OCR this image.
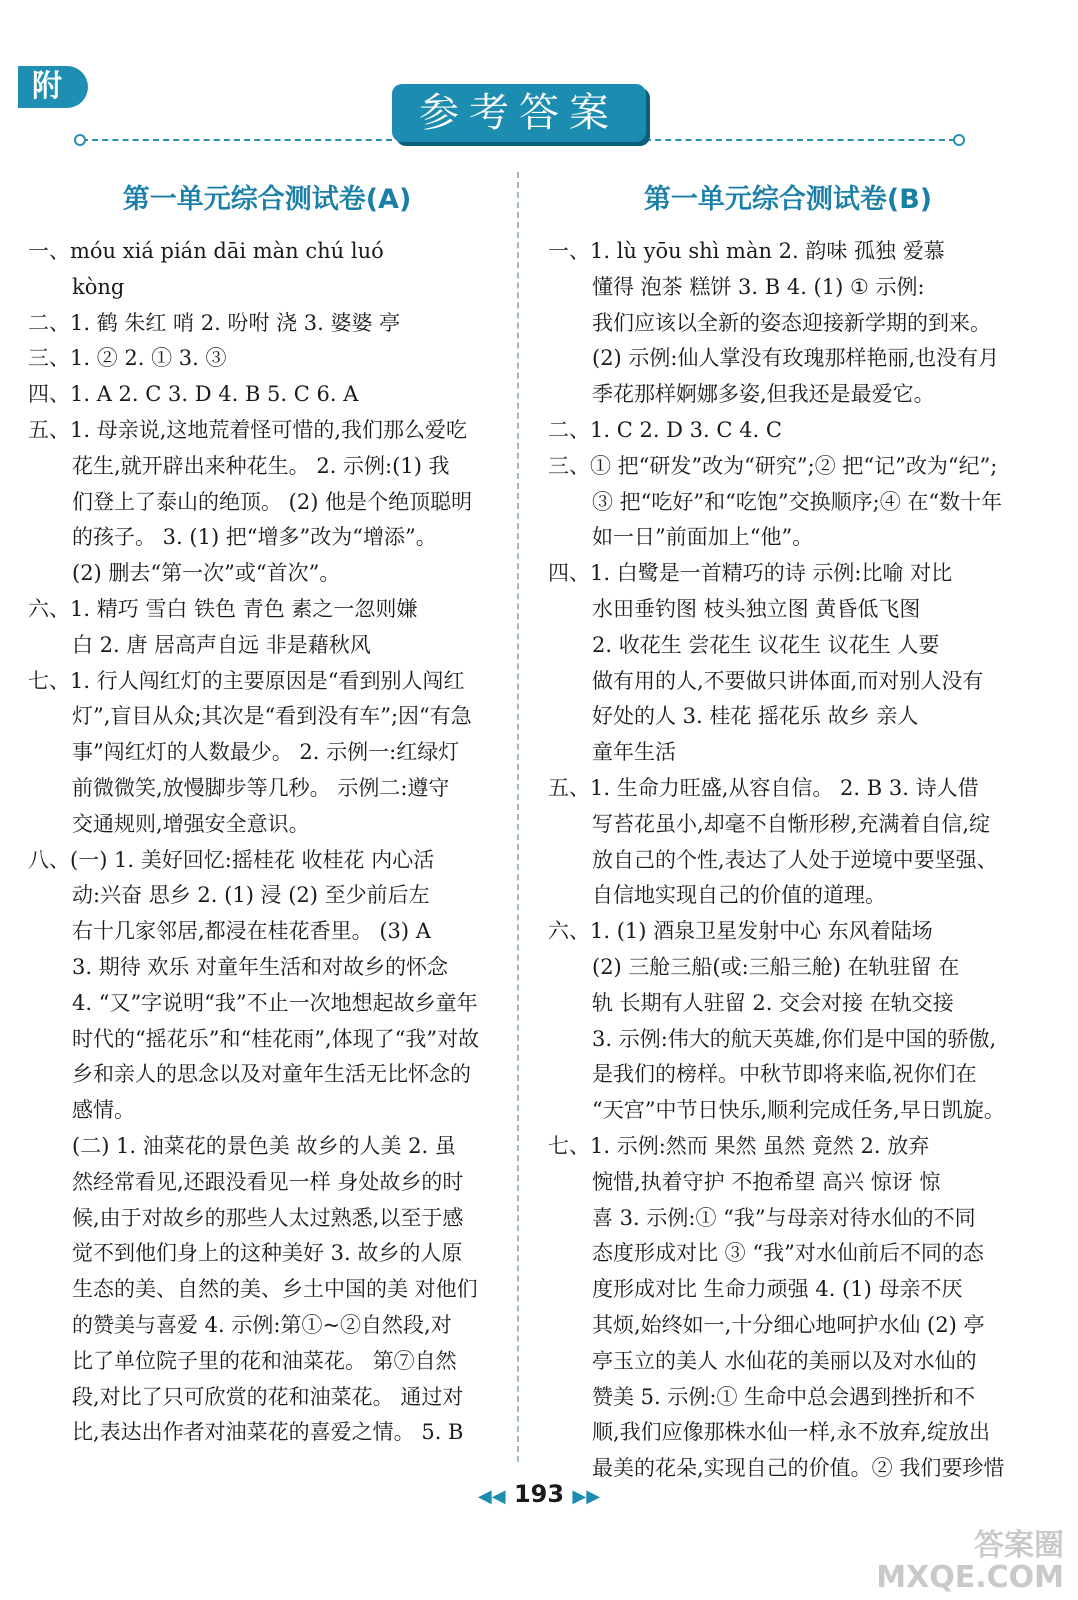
附
参考答案
第一单元综合测试卷(A)
一、móu xiá pián dāi màn chú luó
kòng
二、1. 鹤 朱红 哨 2. 吩咐 浇 3. 婆婆 亭
三、1. ② 2. ① 3. ③
四、1. A 2. C 3. D 4. B 5. C 6. A
五、1. 母亲说,这地荒着怪可惜的,我们那么爱吃
花生,就开辟出来种花生。 2. 示例:(1) 我
们登上了泰山的绝顶。 (2) 他是个绝顶聪明
的孩子。 3. (1) 把“增多”改为“增添”。
(2) 删去“第一次”或“首次”。
六、1. 精巧 雪白 铁色 青色 素之一忽则嫌
白 2. 唐 居高声自远 非是藉秋风
七、1. 行人闯红灯的主要原因是“看到别人闯红
灯”,盲目从众;其次是“看到没有车”;因“有急
事”闯红灯的人数最少。 2. 示例一:红绿灯
前微微笑,放慢脚步等几秒。 示例二:遵守
交通规则,增强安全意识。
八、(一) 1. 美好回忆:摇桂花 收桂花 内心活
动:兴奋 思乡 2. (1) 浸 (2) 至少前后左
右十几家邻居,都浸在桂花香里。 (3) A
3. 期待 欢乐 对童年生活和对故乡的怀念
4. “又”字说明“我”不止一次地想起故乡童年
时代的“摇花乐”和“桂花雨”,体现了“我”对故
乡和亲人的思念以及对童年生活无比怀念的
感情。
(二) 1. 油菜花的景色美 故乡的人美 2. 虽
然经常看见,还跟没看见一样 身处故乡的时
候,由于对故乡的那些人太过熟悉,以至于感
觉不到他们身上的这种美好 3. 故乡的人原
生态的美、自然的美、乡土中国的美 对他们
的赞美与喜爱 4. 示例:第①~②自然段,对
比了单位院子里的花和油菜花。 第⑦自然
段,对比了只可欣赏的花和油菜花。 通过对
比,表达出作者对油菜花的喜爱之情。 5. B
第一单元综合测试卷(B)
一、1. lù yōu shì màn 2. 韵味 孤独 爱慕
懂得 泡茶 糕饼 3. B 4. (1) ① 示例:
我们应该以全新的姿态迎接新学期的到来。
(2) 示例:仙人掌没有玫瑰那样艳丽,也没有月
季花那样婀娜多姿,但我还是最爱它。
二、1. C 2. D 3. C 4. C
三、① 把“研发”改为“研究”;② 把“记”改为“纪”;
③ 把“吃好”和“吃饱”交换顺序;④ 在“数十年
如一日”前面加上“他”。
四、1. 白鹭是一首精巧的诗 示例:比喻 对比
水田垂钓图 枝头独立图 黄昏低飞图
2. 收花生 尝花生 议花生 议花生 人要
做有用的人,不要做只讲体面,而对别人没有
好处的人 3. 桂花 摇花乐 故乡 亲人
童年生活
五、1. 生命力旺盛,从容自信。 2. B 3. 诗人借
写苔花虽小,却毫不自惭形秽,充满着自信,绽
放自己的个性,表达了人处于逆境中要坚强、
自信地实现自己的价值的道理。
六、1. (1) 酒泉卫星发射中心 东风着陆场
(2) 三舱三船(或:三船三舱) 在轨驻留 在
轨 长期有人驻留 2. 交会对接 在轨交接
3. 示例:伟大的航天英雄,你们是中国的骄傲,
是我们的榜样。中秋节即将来临,祝你们在
“天宫”中节日快乐,顺利完成任务,早日凯旋。
七、1. 示例:然而 果然 虽然 竟然 2. 放弃
惋惜,执着守护 不抱希望 高兴 惊讶 惊
喜 3. 示例:① “我”与母亲对待水仙的不同
态度形成对比 ③ “我”对水仙前后不同的态
度形成对比 生命力顽强 4. (1) 母亲不厌
其烦,始终如一,十分细心地呵护水仙 (2) 亭
亭玉立的美人 水仙花的美丽以及对水仙的
赞美 5. 示例:① 生命中总会遇到挫折和不
顺,我们应像那株水仙一样,永不放弃,绽放出
最美的花朵,实现自己的价值。② 我们要珍惜
◀◀ 193 ▶▶
答案圈
MXQE.COM
